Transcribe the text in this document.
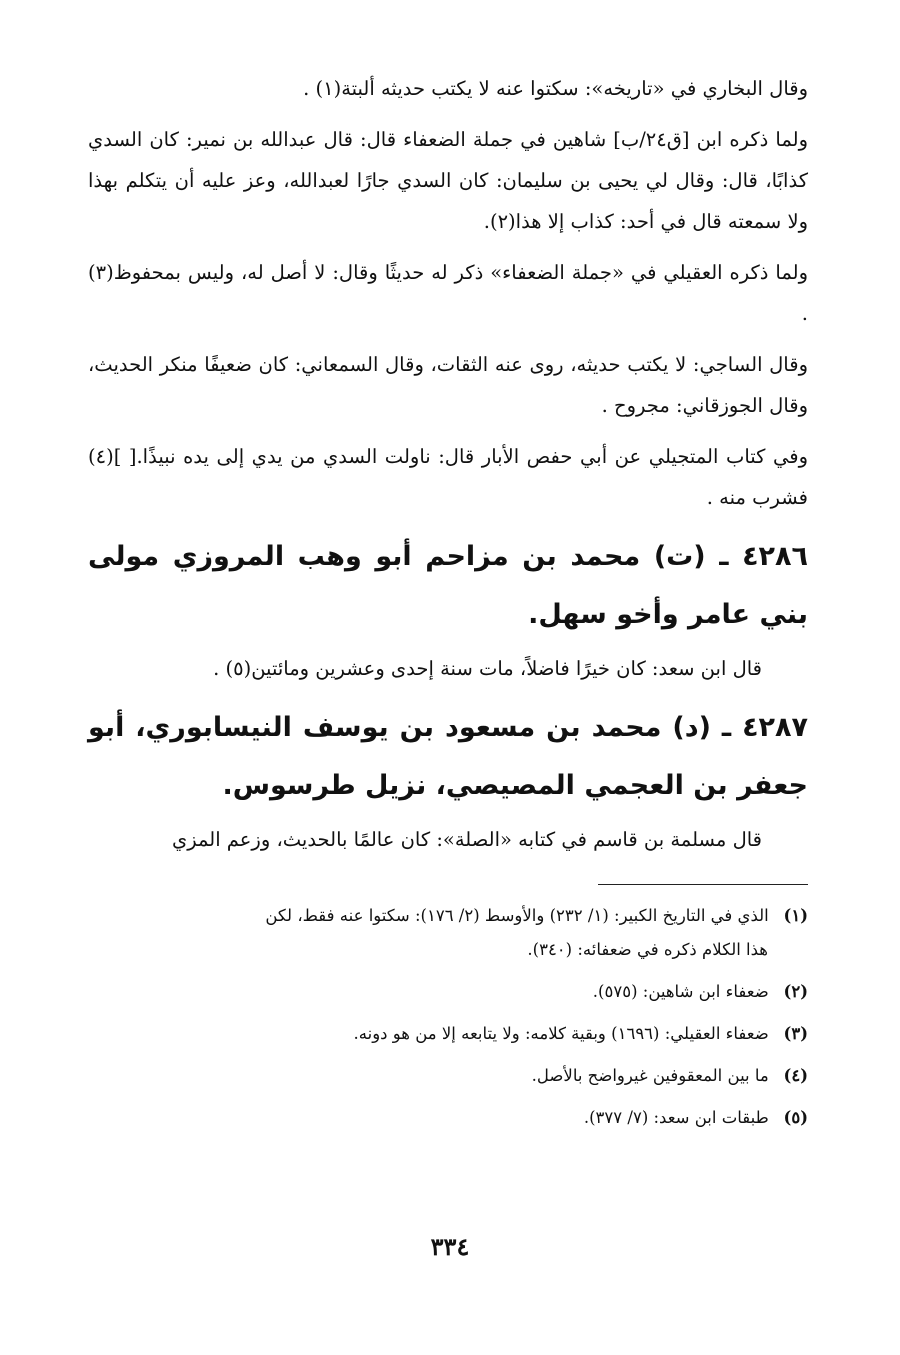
وقال البخاري في «تاريخه»: سكتوا عنه لا يكتب حديثه ألبتة(١) .

ولما ذكره ابن [ق٢٤/ب] شاهين في جملة الضعفاء قال: قال عبدالله بن نمير: كان السدي كذابًا، قال: وقال لي يحيى بن سليمان: كان السدي جارًا لعبدالله، وعز عليه أن يتكلم بهذا ولا سمعته قال في أحد: كذاب إلا هذا(٢).

ولما ذكره العقيلي في «جملة الضعفاء» ذكر له حديثًا وقال: لا أصل له، وليس بمحفوظ(٣) .

وقال الساجي: لا يكتب حديثه، روى عنه الثقات، وقال السمعاني: كان ضعيفًا منكر الحديث، وقال الجوزقاني: مجروح .

وفي كتاب المتجيلي عن أبي حفص الأبار قال: ناولت السدي من يدي إلى يده نبيذًا.[ ](٤) فشرب منه .

٤٢٨٦ ـ (ت) محمد بن مزاحم أبو وهب المروزي مولى بني عامر وأخو سهل.

قال ابن سعد: كان خيرًا فاضلاً، مات سنة إحدى وعشرين ومائتين(٥) .

٤٢٨٧ ـ (د) محمد بن مسعود بن يوسف النيسابوري، أبو جعفر بن العجمي المصيصي، نزيل طرسوس.

قال مسلمة بن قاسم في كتابه «الصلة»: كان عالمًا بالحديث، وزعم المزي

(١) الذي في التاريخ الكبير: (١/ ٢٣٢) والأوسط (٢/ ١٧٦): سكتوا عنه فقط، لكن
هذا الكلام ذكره في ضعفائه: (٣٤٠).

(٢) ضعفاء ابن شاهين: (٥٧٥).

(٣) ضعفاء العقيلي: (١٦٩٦) وبقية كلامه: ولا يتابعه إلا من هو دونه.

(٤) ما بين المعقوفين غيرواضح بالأصل.

(٥) طبقات ابن سعد: (٧/ ٣٧٧).

٣٣٤
